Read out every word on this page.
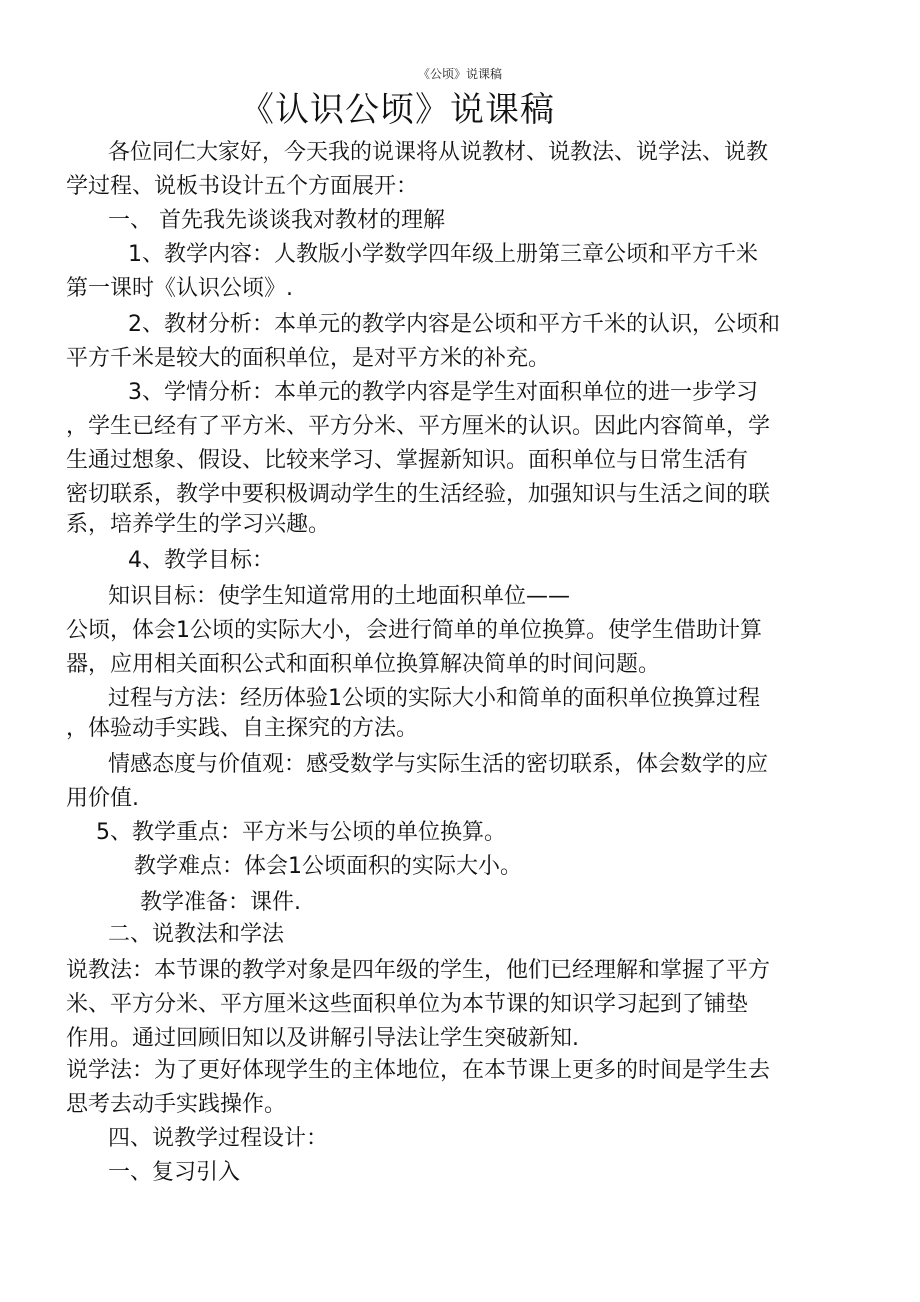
《公顷》说课稿
《认识公顷》说课稿
各位同仁大家好，今天我的说课将从说教材、说教法、说学法、说教
学过程、说板书设计五个方面展开：
一、 首先我先谈谈我对教材的理解
1、教学内容：人教版小学数学四年级上册第三章公顷和平方千米
第一课时《认识公顷》.
2、教材分析：本单元的教学内容是公顷和平方千米的认识，公顷和
平方千米是较大的面积单位，是对平方米的补充。
3、学情分析：本单元的教学内容是学生对面积单位的进一步学习
，学生已经有了平方米、平方分米、平方厘米的认识。因此内容简单，学
生通过想象、假设、比较来学习、掌握新知识。面积单位与日常生活有
密切联系，教学中要积极调动学生的生活经验，加强知识与生活之间的联
系，培养学生的学习兴趣。
4、教学目标：
知识目标：使学生知道常用的土地面积单位——
公顷，体会1公顷的实际大小，会进行简单的单位换算。使学生借助计算
器，应用相关面积公式和面积单位换算解决简单的时间问题。
过程与方法：经历体验1公顷的实际大小和简单的面积单位换算过程
，体验动手实践、自主探究的方法。
情感态度与价值观：感受数学与实际生活的密切联系，体会数学的应
用价值.
5、教学重点：平方米与公顷的单位换算。
教学难点：体会1公顷面积的实际大小。
教学准备：课件.
二、说教法和学法
说教法：本节课的教学对象是四年级的学生，他们已经理解和掌握了平方
米、平方分米、平方厘米这些面积单位为本节课的知识学习起到了铺垫
作用。通过回顾旧知以及讲解引导法让学生突破新知.
说学法：为了更好体现学生的主体地位，在本节课上更多的时间是学生去
思考去动手实践操作。
四、说教学过程设计：
一、复习引入
